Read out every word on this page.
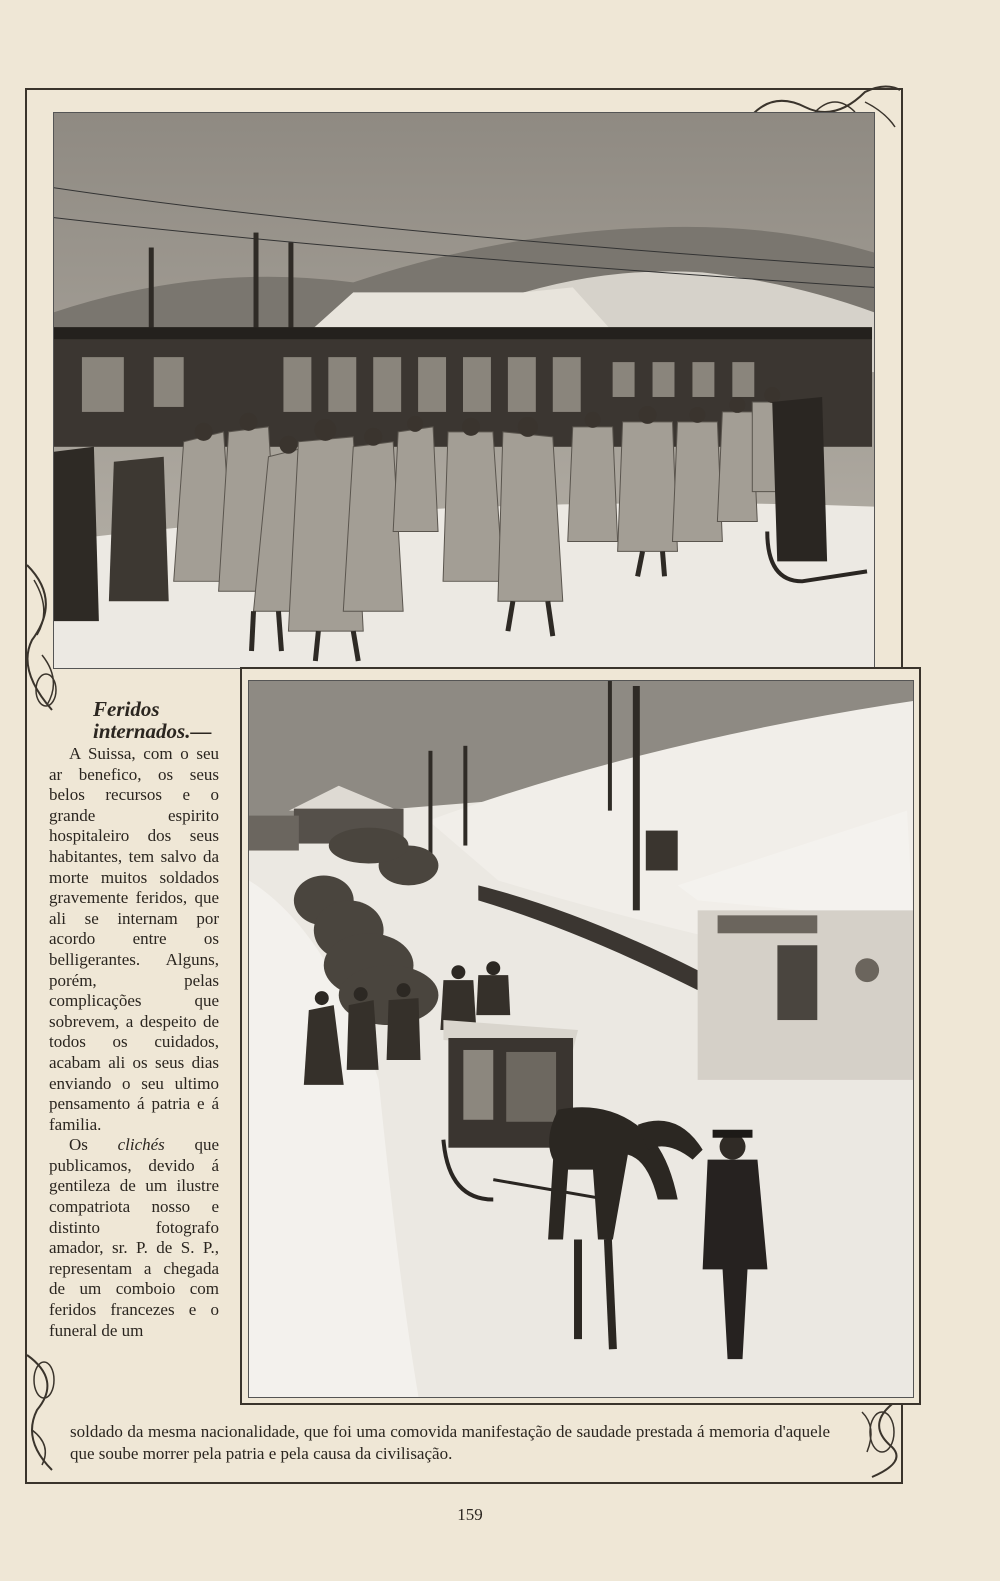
Feridos internados.—

A Suissa, com o seu ar benefico, os seus belos recursos e o grande espirito hospitaleiro dos seus habitantes, tem salvo da morte muitos soldados gravemente feridos, que ali se internam por acordo entre os belligerantes. Alguns, porém, pelas complicações que sobrevem, a despeito de todos os cuidados, acabam ali os seus dias enviando o seu ultimo pensamento á patria e á familia.

Os clichés que publicamos, devido á gentileza de um ilustre compatriota nosso e distinto fotografo amador, sr. P. de S. P., representam a chegada de um comboio com feridos francezes e o funeral de um

soldado da mesma nacionalidade, que foi uma comovida manifestação de saudade prestada á memoria d'aquele que soube morrer pela patria e pela causa da civilisação.
159
